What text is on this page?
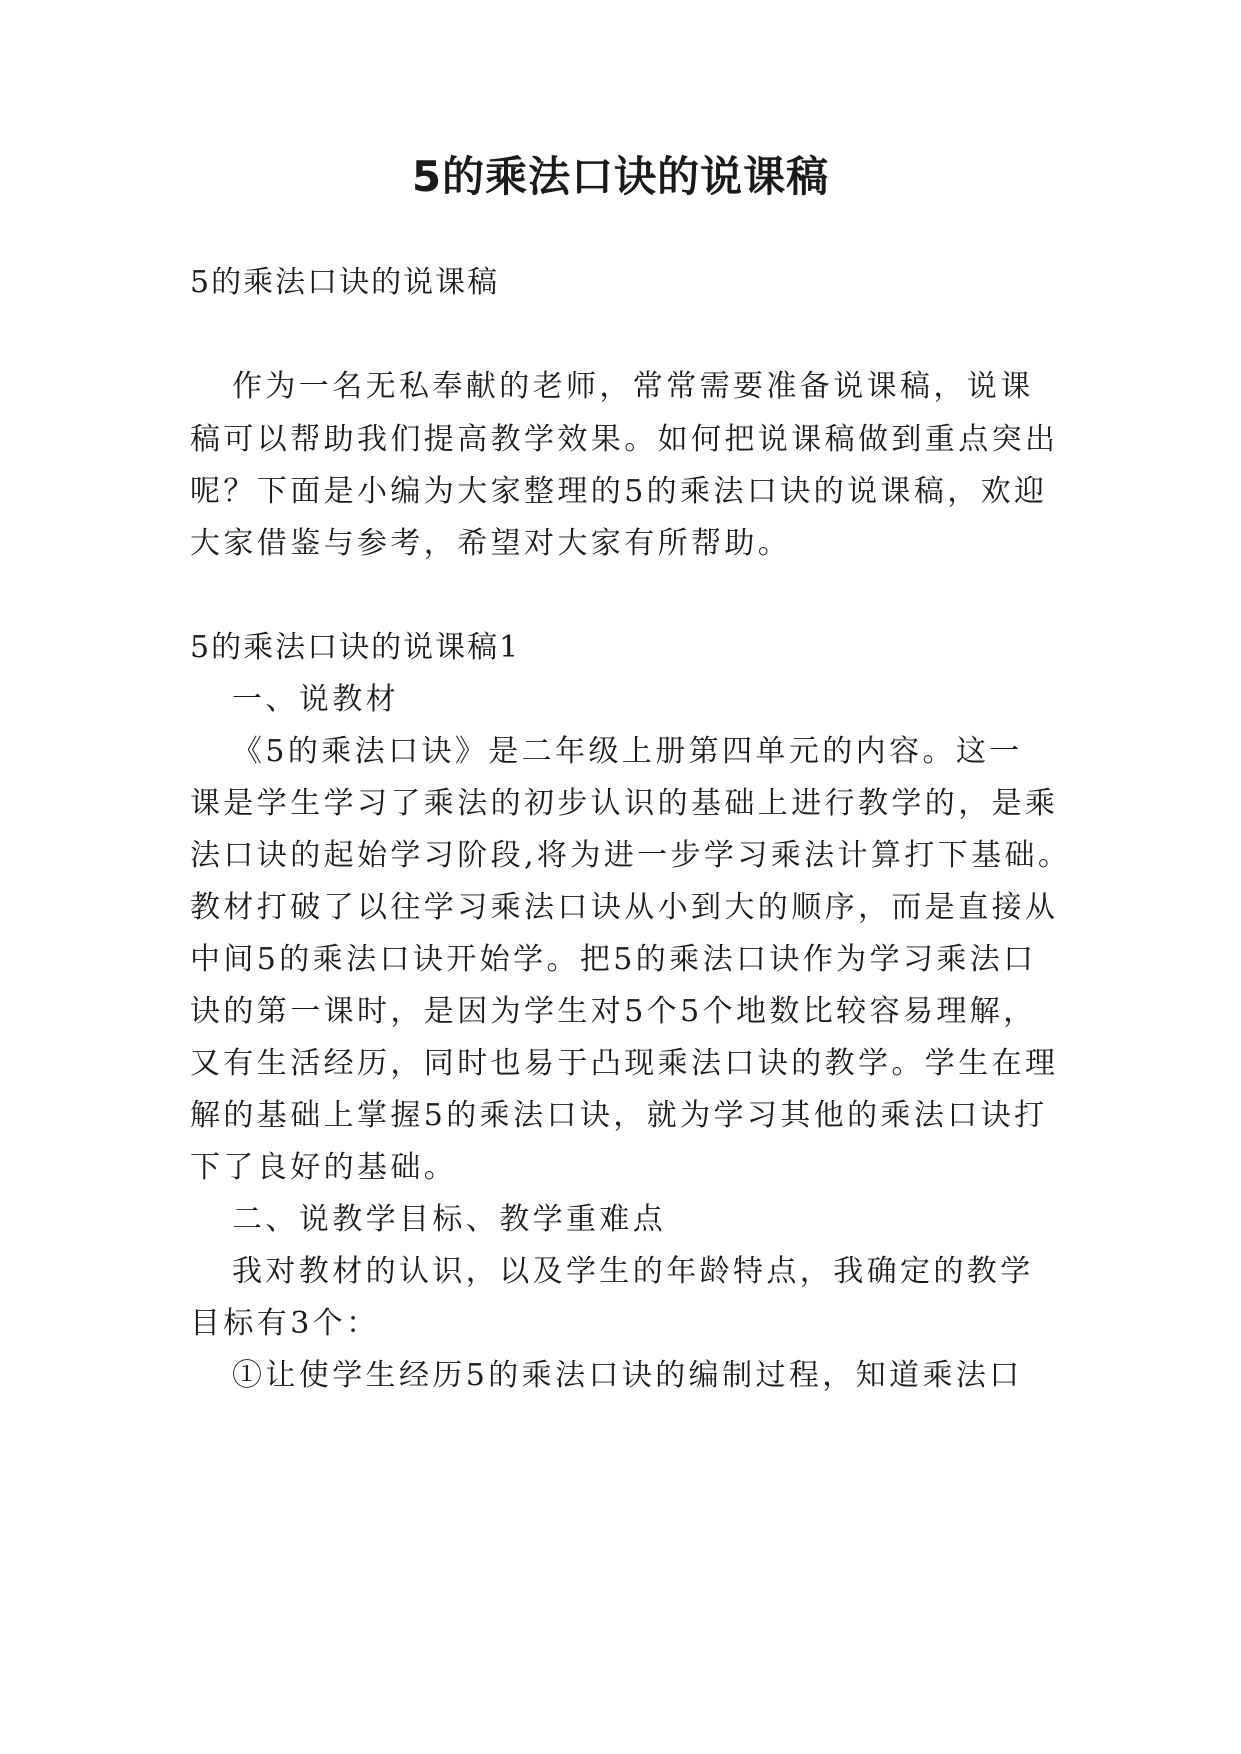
5的乘法口诀的说课稿

5的乘法口诀的说课稿

作为一名无私奉献的老师，常常需要准备说课稿，说课

稿可以帮助我们提高教学效果。如何把说课稿做到重点突出

呢？下面是小编为大家整理的5的乘法口诀的说课稿，欢迎

大家借鉴与参考，希望对大家有所帮助。

5的乘法口诀的说课稿1

一、说教材

《5的乘法口诀》是二年级上册第四单元的内容。这一

课是学生学习了乘法的初步认识的基础上进行教学的，是乘

法口诀的起始学习阶段,将为进一步学习乘法计算打下基础。

教材打破了以往学习乘法口诀从小到大的顺序，而是直接从

中间5的乘法口诀开始学。把5的乘法口诀作为学习乘法口

诀的第一课时，是因为学生对5个5个地数比较容易理解，

又有生活经历，同时也易于凸现乘法口诀的教学。学生在理

解的基础上掌握5的乘法口诀，就为学习其他的乘法口诀打

下了良好的基础。

二、说教学目标、教学重难点

我对教材的认识，以及学生的年龄特点，我确定的教学

目标有3个：

①让使学生经历5的乘法口诀的编制过程，知道乘法口
